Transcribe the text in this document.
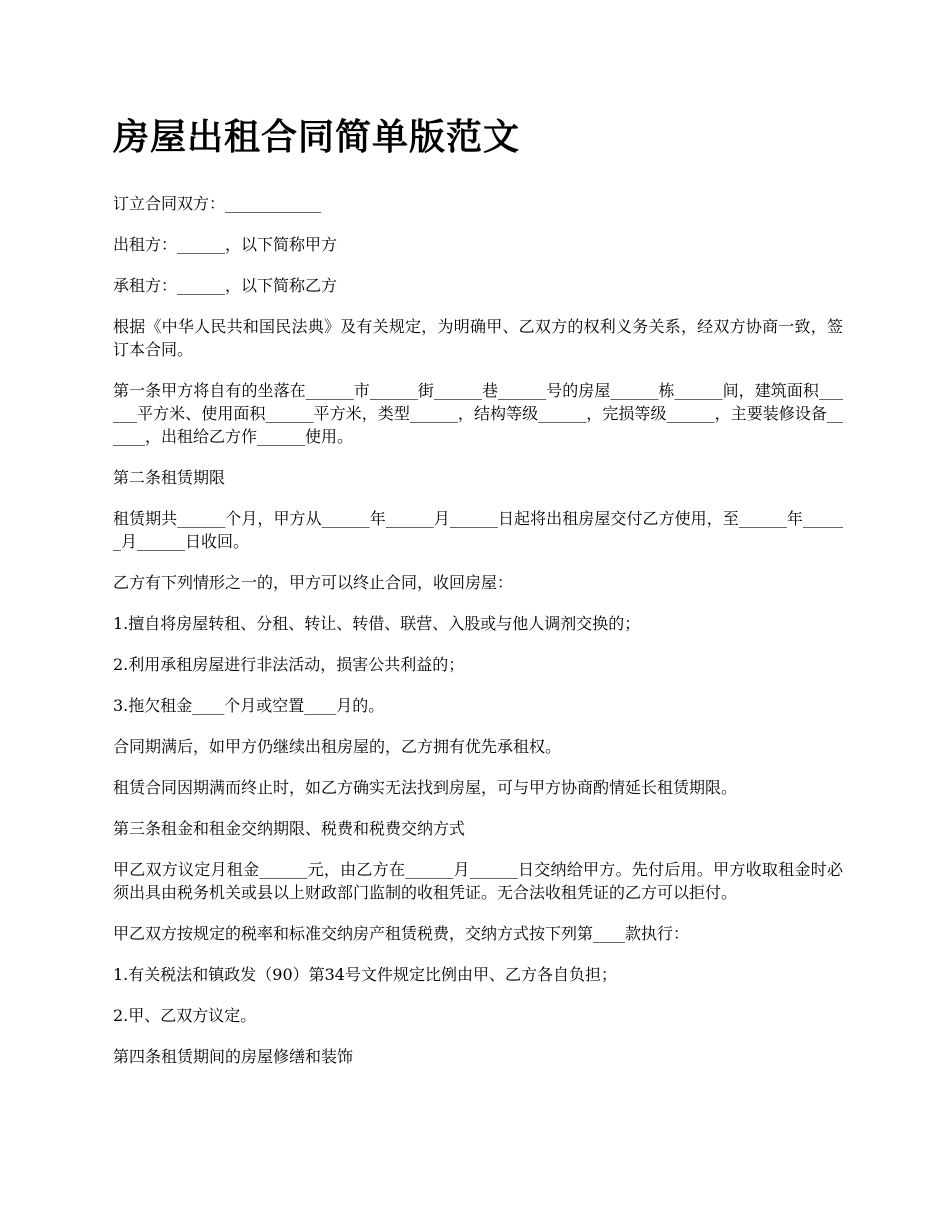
房屋出租合同简单版范文

订立合同双方：____________

出租方：______，以下简称甲方

承租方：______，以下简称乙方

根据《中华人民共和国民法典》及有关规定，为明确甲、乙双方的权利义务关系，经双方协商一致，签订本合同。

第一条甲方将自有的坐落在______市______街______巷______号的房屋______栋______间，建筑面积______平方米、使用面积______平方米，类型______，结构等级______，完损等级______，主要装修设备______，出租给乙方作______使用。

第二条租赁期限

租赁期共______个月，甲方从______年______月______日起将出租房屋交付乙方使用，至______年______月______日收回。

乙方有下列情形之一的，甲方可以终止合同，收回房屋：

1.擅自将房屋转租、分租、转让、转借、联营、入股或与他人调剂交换的；

2.利用承租房屋进行非法活动，损害公共利益的；

3.拖欠租金____个月或空置____月的。

合同期满后，如甲方仍继续出租房屋的，乙方拥有优先承租权。

租赁合同因期满而终止时，如乙方确实无法找到房屋，可与甲方协商酌情延长租赁期限。

第三条租金和租金交纳期限、税费和税费交纳方式

甲乙双方议定月租金______元，由乙方在______月______日交纳给甲方。先付后用。甲方收取租金时必须出具由税务机关或县以上财政部门监制的收租凭证。无合法收租凭证的乙方可以拒付。

甲乙双方按规定的税率和标准交纳房产租赁税费，交纳方式按下列第____款执行：

1.有关税法和镇政发（90）第34号文件规定比例由甲、乙方各自负担；

2.甲、乙双方议定。

第四条租赁期间的房屋修缮和装饰
